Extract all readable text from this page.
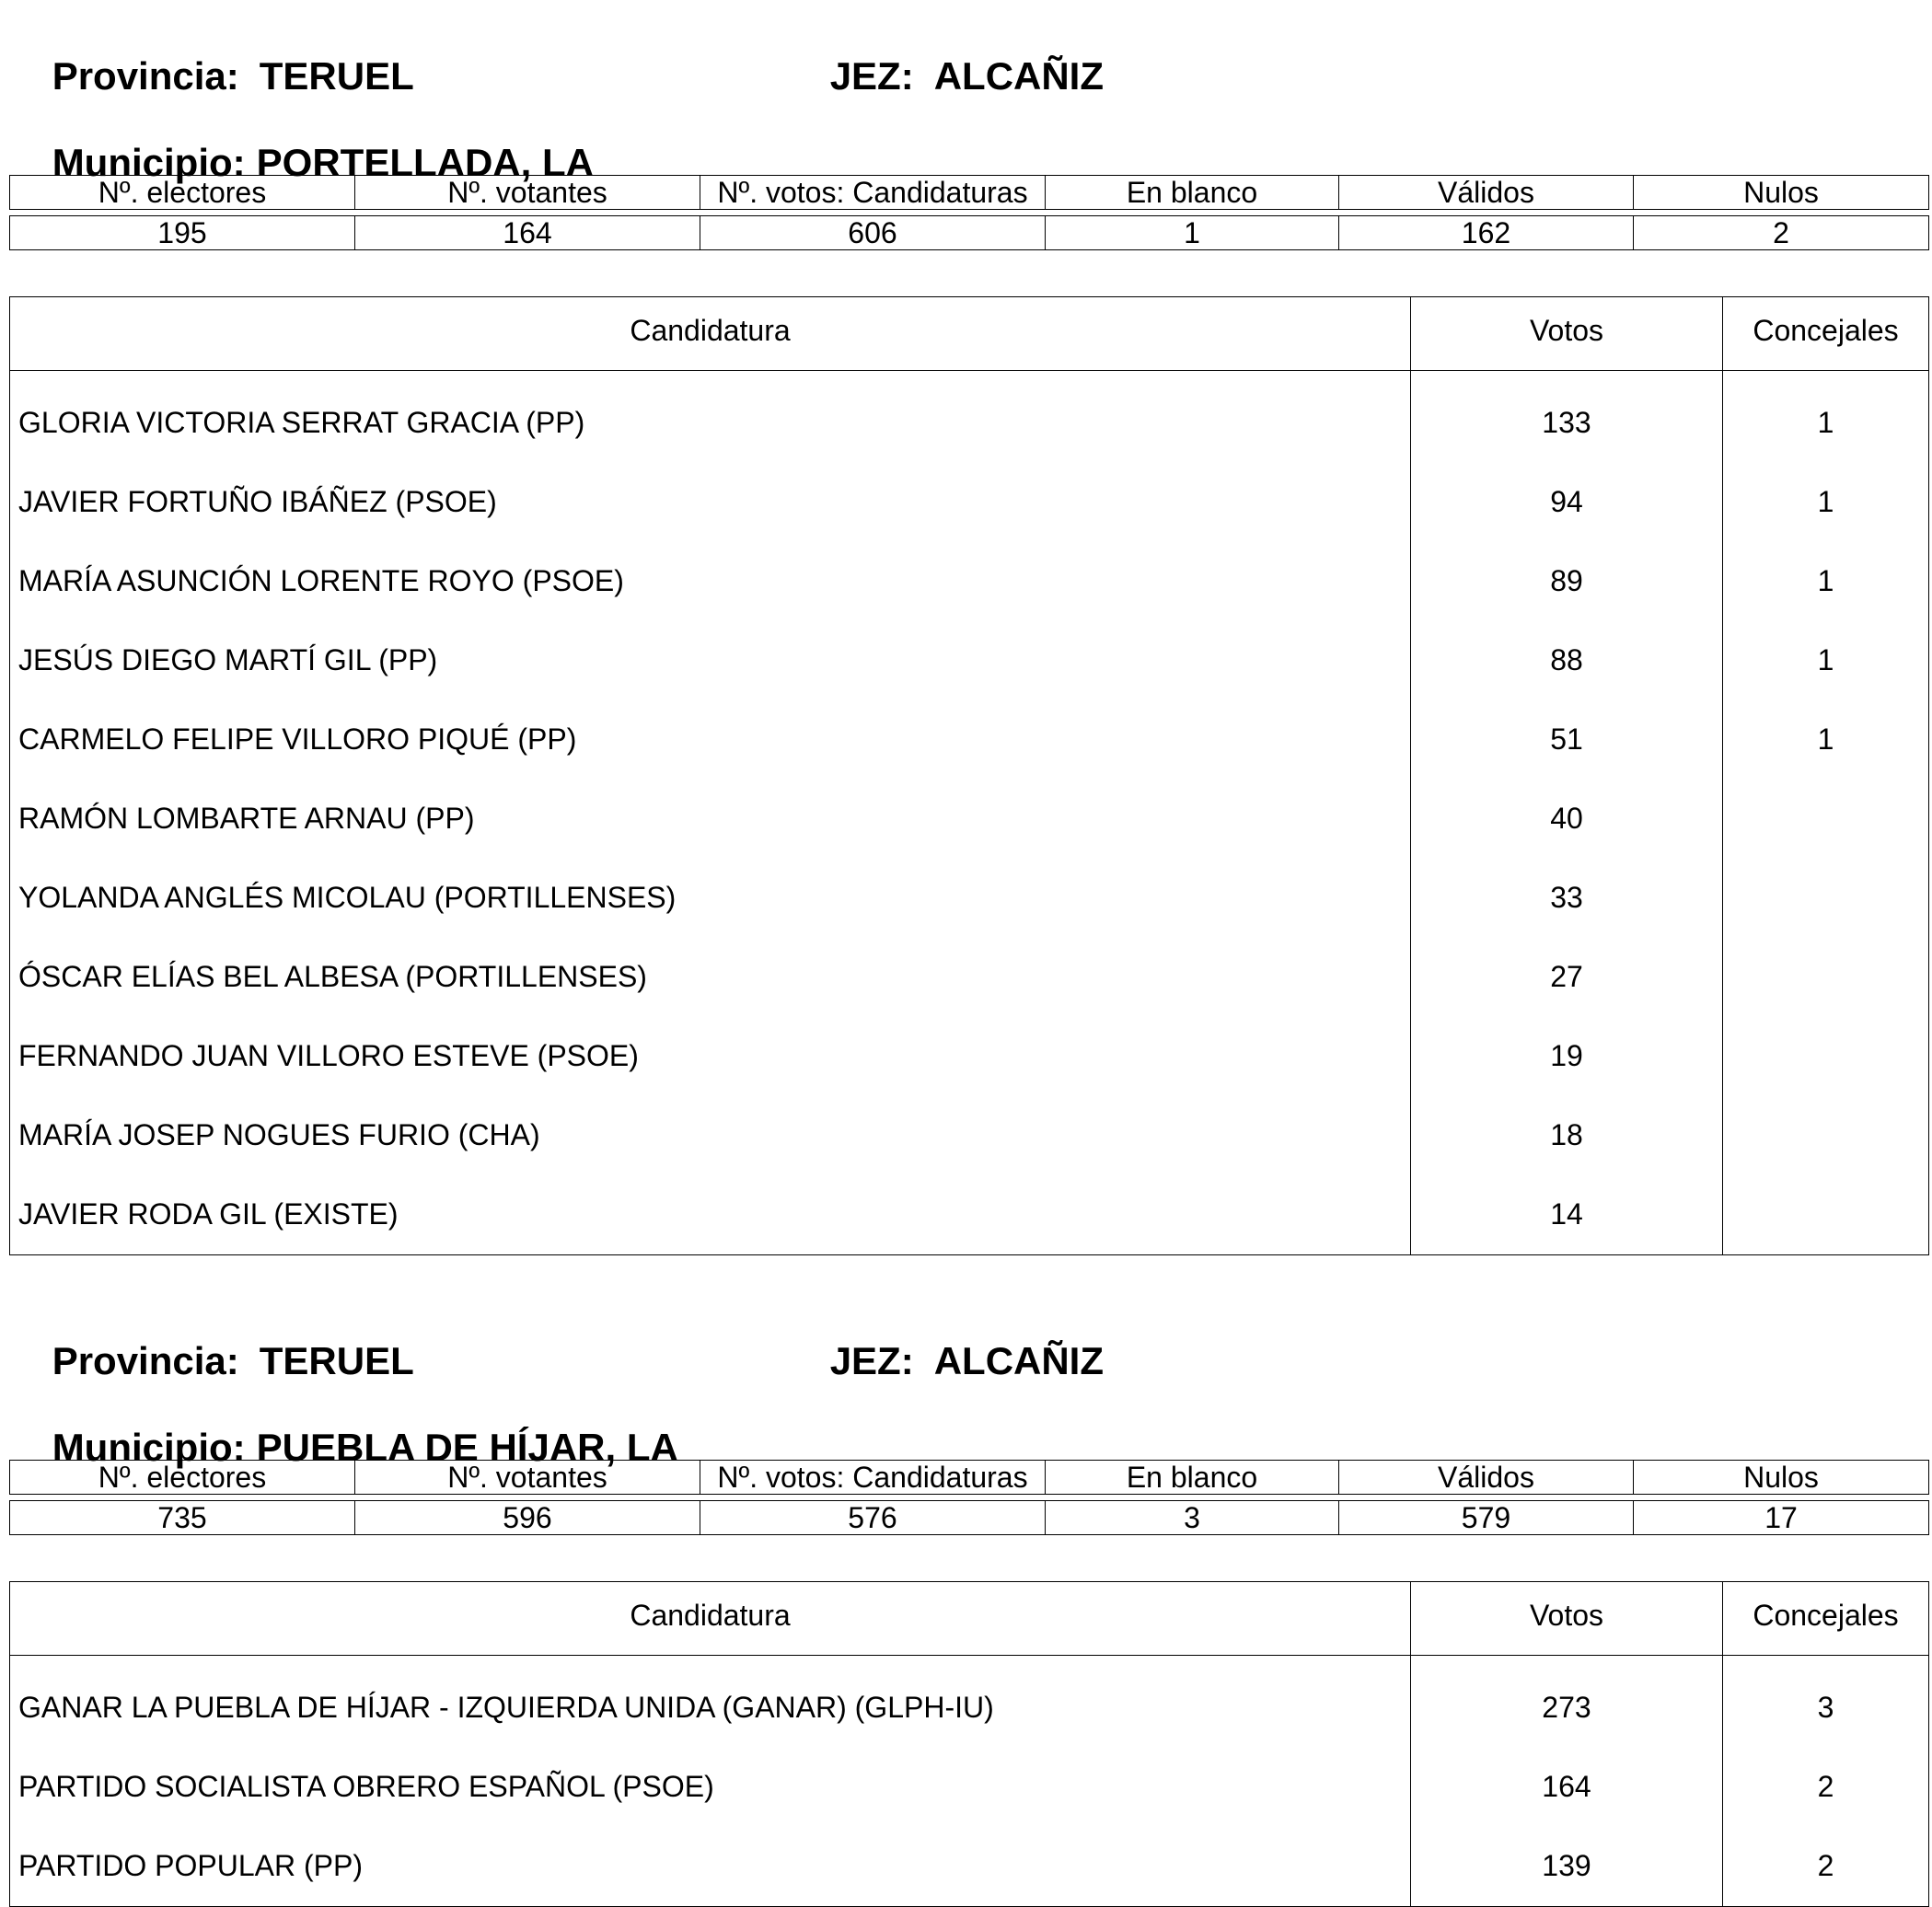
Provincia: TERUEL
	JEZ: ALCAÑIZ

Municipio: PORTELLADA, LA

Nº. electores	Nº. votantes	Nº. votos: Candidaturas	En blanco	Válidos	Nulos

195	164	606	1	162	2
Candidatura	Votos	Concejales
GLORIA VICTORIA SERRAT GRACIA (PP)	133	1
JAVIER FORTUÑO IBÁÑEZ (PSOE)	94	1
MARÍA ASUNCIÓN LORENTE ROYO (PSOE)	89	1
JESÚS DIEGO MARTÍ GIL (PP)	88	1
CARMELO FELIPE VILLORO PIQUÉ (PP)	51	1
RAMÓN LOMBARTE ARNAU (PP)	40	
YOLANDA ANGLÉS MICOLAU (PORTILLENSES)	33	
ÓSCAR ELÍAS BEL ALBESA (PORTILLENSES)	27	
FERNANDO JUAN VILLORO ESTEVE (PSOE)	19	
MARÍA JOSEP NOGUES FURIO (CHA)	18	
JAVIER RODA GIL (EXISTE)	14	

Provincia: TERUEL
	JEZ: ALCAÑIZ

Municipio: PUEBLA DE HÍJAR, LA

Nº. electores	Nº. votantes	Nº. votos: Candidaturas	En blanco	Válidos	Nulos

735	596	576	3	579	17
Candidatura	Votos	Concejales
GANAR LA PUEBLA DE HÍJAR - IZQUIERDA UNIDA (GANAR) (GLPH-IU)	273	3
PARTIDO SOCIALISTA OBRERO ESPAÑOL (PSOE)	164	2
PARTIDO POPULAR (PP)	139	2
